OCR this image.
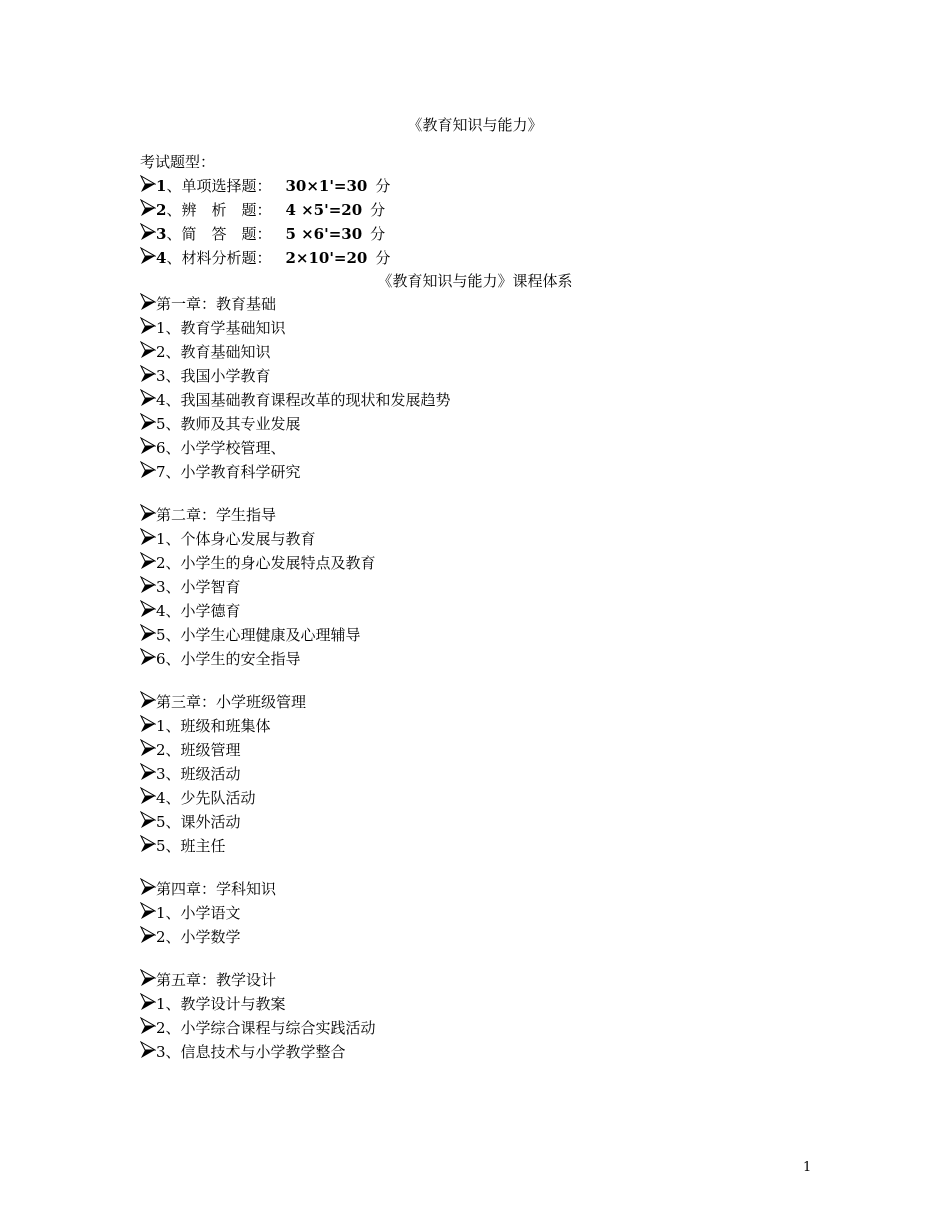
《教育知识与能力》
考试题型：
1、单项选择题： 30×1'=30 分
2、辨　析　题： 4 ×5'=20 分
3、简　答　题： 5 ×6'=30 分
4、材料分析题： 2×10'=20 分
《教育知识与能力》课程体系
第一章：教育基础
1、教育学基础知识
2、教育基础知识
3、我国小学教育
4、我国基础教育课程改革的现状和发展趋势
5、教师及其专业发展
6、小学学校管理、
7、小学教育科学研究
第二章：学生指导
1、个体身心发展与教育
2、小学生的身心发展特点及教育
3、小学智育
4、小学德育
5、小学生心理健康及心理辅导
6、小学生的安全指导
第三章：小学班级管理
1、班级和班集体
2、班级管理
3、班级活动
4、少先队活动
5、课外活动
5、班主任
第四章：学科知识
1、小学语文
2、小学数学
第五章：教学设计
1、教学设计与教案
2、小学综合课程与综合实践活动
3、信息技术与小学教学整合
1
